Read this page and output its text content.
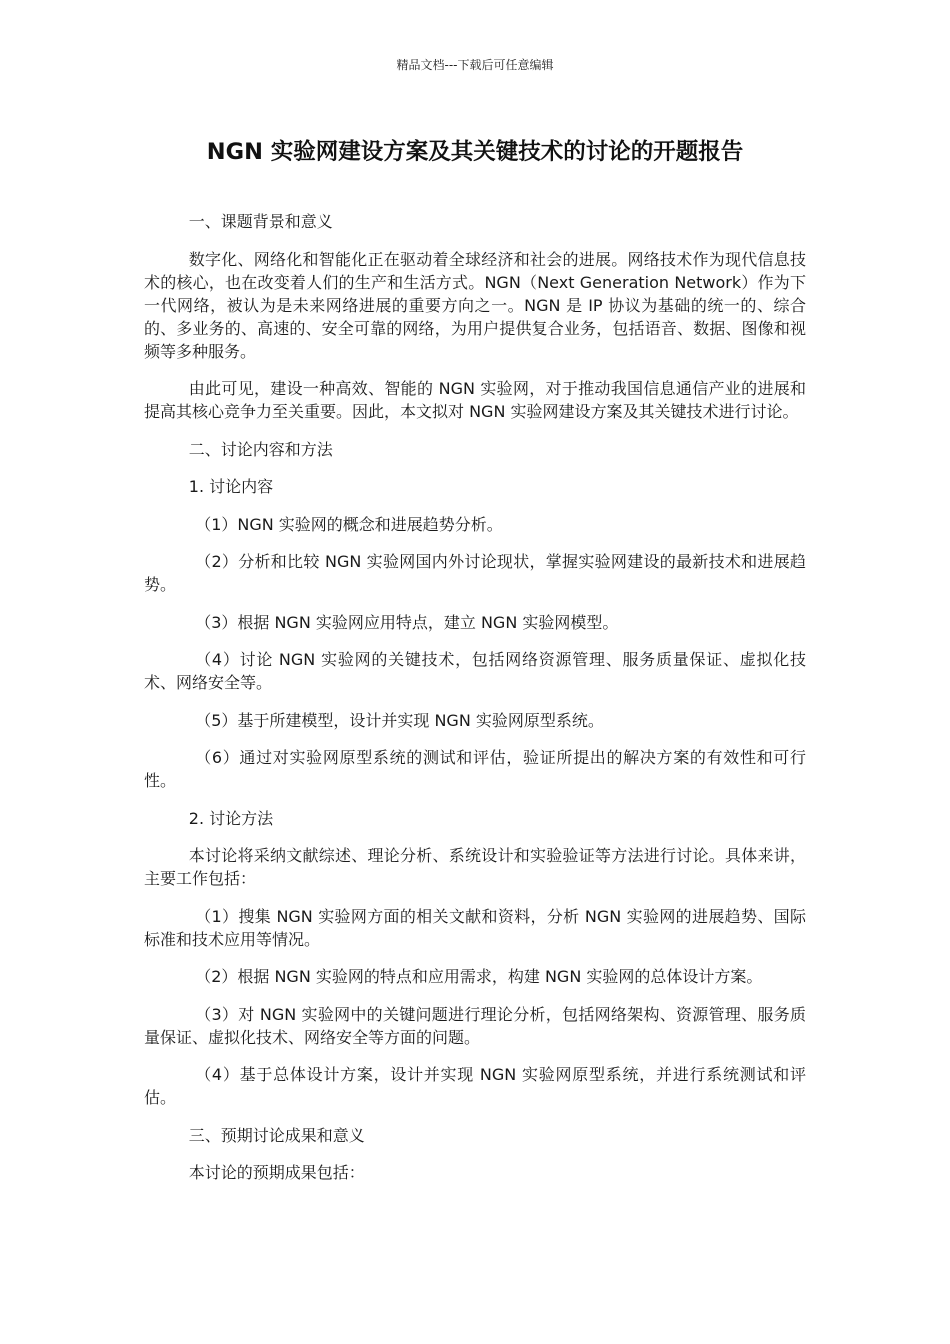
精品文档---下载后可任意编辑
NGN 实验网建设方案及其关键技术的讨论的开题报告

一、课题背景和意义

数字化、网络化和智能化正在驱动着全球经济和社会的进展。网络技术作为现代信息技术的核心，也在改变着人们的生产和生活方式。NGN（Next Generation Network）作为下一代网络，被认为是未来网络进展的重要方向之一。NGN 是 IP 协议为基础的统一的、综合的、多业务的、高速的、安全可靠的网络，为用户提供复合业务，包括语音、数据、图像和视频等多种服务。

由此可见，建设一种高效、智能的 NGN 实验网，对于推动我国信息通信产业的进展和提高其核心竞争力至关重要。因此，本文拟对 NGN 实验网建设方案及其关键技术进行讨论。

二、讨论内容和方法

1. 讨论内容

（1）NGN 实验网的概念和进展趋势分析。

（2）分析和比较 NGN 实验网国内外讨论现状，掌握实验网建设的最新技术和进展趋势。

（3）根据 NGN 实验网应用特点，建立 NGN 实验网模型。

（4）讨论 NGN 实验网的关键技术，包括网络资源管理、服务质量保证、虚拟化技术、网络安全等。

（5）基于所建模型，设计并实现 NGN 实验网原型系统。

（6）通过对实验网原型系统的测试和评估，验证所提出的解决方案的有效性和可行性。

2. 讨论方法

本讨论将采纳文献综述、理论分析、系统设计和实验验证等方法进行讨论。具体来讲，主要工作包括：

（1）搜集 NGN 实验网方面的相关文献和资料，分析 NGN 实验网的进展趋势、国际标准和技术应用等情况。

（2）根据 NGN 实验网的特点和应用需求，构建 NGN 实验网的总体设计方案。

（3）对 NGN 实验网中的关键问题进行理论分析，包括网络架构、资源管理、服务质量保证、虚拟化技术、网络安全等方面的问题。

（4）基于总体设计方案，设计并实现 NGN 实验网原型系统，并进行系统测试和评估。

三、预期讨论成果和意义

本讨论的预期成果包括：
